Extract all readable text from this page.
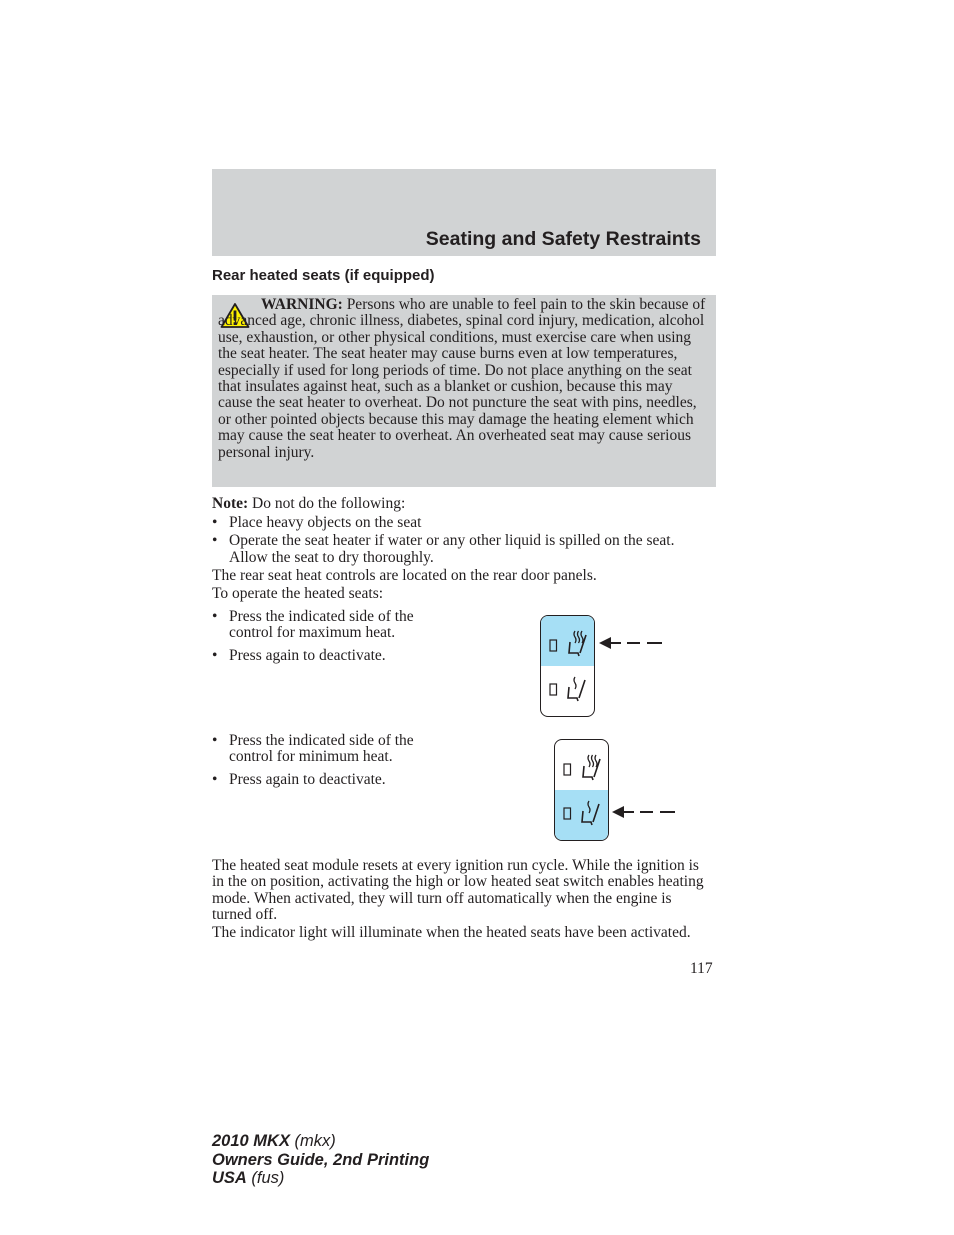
Seating and Safety Restraints
Rear heated seats (if equipped)

WARNING: Persons who are unable to feel pain to the skin because of advanced age, chronic illness, diabetes, spinal cord injury, medication, alcohol use, exhaustion, or other physical conditions, must exercise care when using the seat heater. The seat heater may cause burns even at low temperatures, especially if used for long periods of time. Do not place anything on the seat that insulates against heat, such as a blanket or cushion, because this may cause the seat heater to overheat. Do not puncture the seat with pins, needles, or other pointed objects because this may damage the heating element which may cause the seat heater to overheat. An overheated seat may cause serious personal injury.

Note: Do not do the following:

• Place heavy objects on the seat
• Operate the seat heater if water or any other liquid is spilled on the seat. Allow the seat to dry thoroughly.

The rear seat heat controls are located on the rear door panels.

To operate the heated seats:

• Press the indicated side of the control for maximum heat.
• Press again to deactivate.
• Press the indicated side of the control for minimum heat.
• Press again to deactivate.

The heated seat module resets at every ignition run cycle. While the ignition is in the on position, activating the high or low heated seat switch enables heating mode. When activated, they will turn off automatically when the engine is turned off.

The indicator light will illuminate when the heated seats have been activated.

117
2010 MKX (mkx)
Owners Guide, 2nd Printing
USA (fus)
